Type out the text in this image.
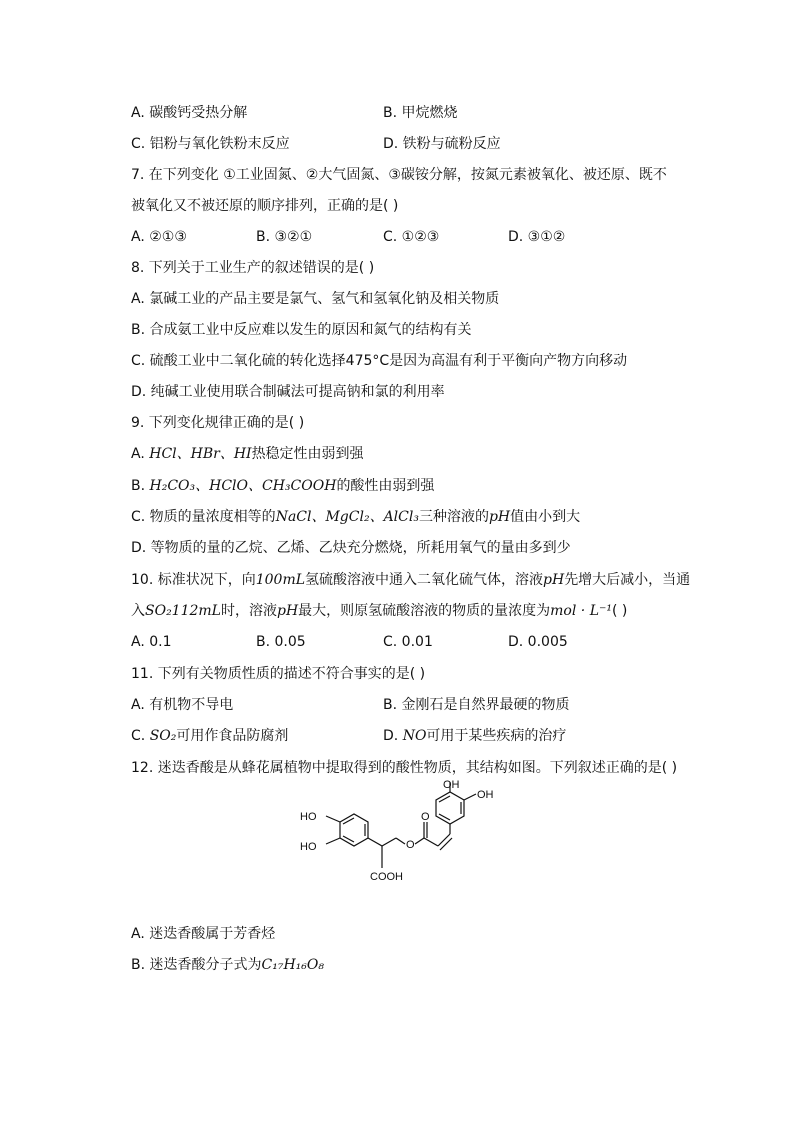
A. 碳酸钙受热分解	B. 甲烷燃烧
C. 铝粉与氧化铁粉末反应	D. 铁粉与硫粉反应
7. 在下列变化 ①工业固氮、②大气固氮、③碳铵分解，按氮元素被氧化、被还原、既不
被氧化又不被还原的顺序排列，正确的是( )
A. ②①③	B. ③②①	C. ①②③	D. ③①②
8. 下列关于工业生产的叙述错误的是( )
A. 氯碱工业的产品主要是氯气、氢气和氢氧化钠及相关物质
B. 合成氨工业中反应难以发生的原因和氮气的结构有关
C. 硫酸工业中二氧化硫的转化选择475°C是因为高温有利于平衡向产物方向移动
D. 纯碱工业使用联合制碱法可提高钠和氯的利用率
9. 下列变化规律正确的是( )
A. HCl、HBr、HI热稳定性由弱到强
B. H₂CO₃、HClO、CH₃COOH的酸性由弱到强
C. 物质的量浓度相等的NaCl、MgCl₂、AlCl₃三种溶液的pH值由小到大
D. 等物质的量的乙烷、乙烯、乙炔充分燃烧，所耗用氧气的量由多到少
10. 标准状况下，向100mL氢硫酸溶液中通入二氧化硫气体，溶液pH先增大后减小，当通
入SO₂112mL时，溶液pH最大，则原氢硫酸溶液的物质的量浓度为mol · L⁻¹( )
A. 0.1	B. 0.05	C. 0.01	D. 0.005
11. 下列有关物质性质的描述不符合事实的是( )
A. 有机物不导电	B. 金刚石是自然界最硬的物质
C. SO₂可用作食品防腐剂	D. NO可用于某些疾病的治疗
12. 迷迭香酸是从蜂花属植物中提取得到的酸性物质，其结构如图。下列叙述正确的是( )
HO
HO	O
O
COOH
OH
OH
A. 迷迭香酸属于芳香烃
B. 迷迭香酸分子式为C₁₇H₁₆O₈
